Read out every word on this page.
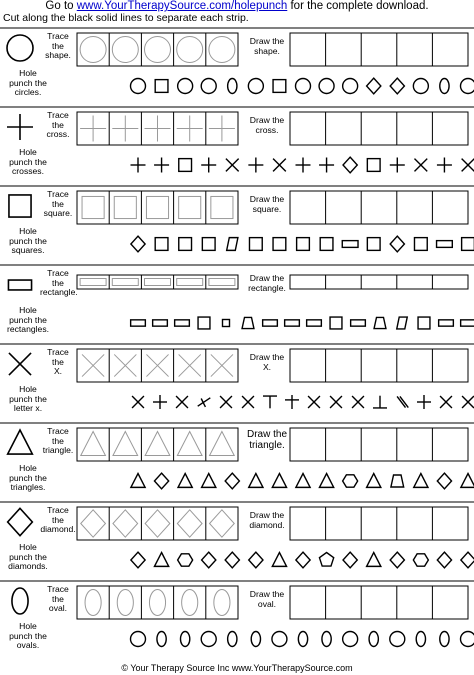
Go to www.YourTherapySource.com/holepunch for the complete download.
Cut along the black solid lines to separate each strip.
Trace
the
shape.
Draw the
shape.
Hole
punch the
circles.
Trace
the
cross.
Draw the
cross.
Hole
punch the
crosses.
Trace
the
square.
Draw the
square.
Hole
punch the
squares.
Trace
the
rectangle.
Draw the
rectangle.
Hole
punch the
rectangles.
Trace
the
X.
Draw the
X.
Hole
punch the
letter x.
Trace
the
triangle.
Draw the
triangle.
Hole
punch the
triangles.
Trace
the
diamond.
Draw the
diamond.
Hole
punch the
diamonds.
Trace
the
oval.
Draw the
oval.
Hole
punch the
ovals.
© Your Therapy Source Inc www.YourTherapySource.com
